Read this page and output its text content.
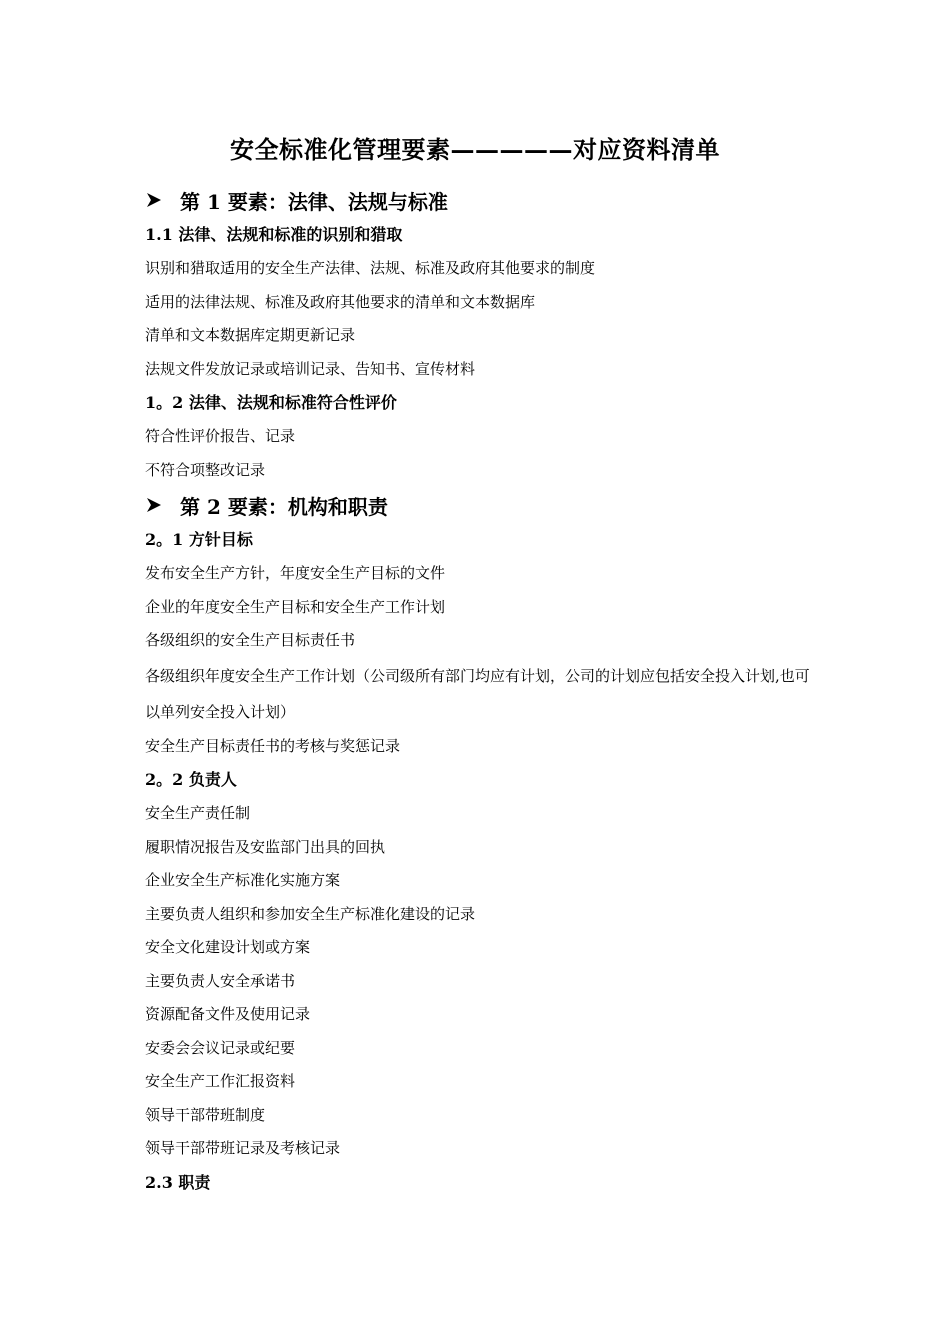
安全标准化管理要素—————对应资料清单
第 1 要素：法律、法规与标准
1.1 法律、法规和标准的识别和猎取
识别和猎取适用的安全生产法律、法规、标准及政府其他要求的制度
适用的法律法规、标准及政府其他要求的清单和文本数据库
清单和文本数据库定期更新记录
法规文件发放记录或培训记录、告知书、宣传材料
1。2 法律、法规和标准符合性评价
符合性评价报告、记录
不符合项整改记录
第 2 要素：机构和职责
2。1 方针目标
发布安全生产方针，年度安全生产目标的文件
企业的年度安全生产目标和安全生产工作计划
各级组织的安全生产目标责任书
各级组织年度安全生产工作计划（公司级所有部门均应有计划，公司的计划应包括安全投入计划,也可以单列安全投入计划）
安全生产目标责任书的考核与奖惩记录
2。2 负责人
安全生产责任制
履职情况报告及安监部门出具的回执
企业安全生产标准化实施方案
主要负责人组织和参加安全生产标准化建设的记录
安全文化建设计划或方案
主要负责人安全承诺书
资源配备文件及使用记录
安委会会议记录或纪要
安全生产工作汇报资料
领导干部带班制度
领导干部带班记录及考核记录
2.3 职责
